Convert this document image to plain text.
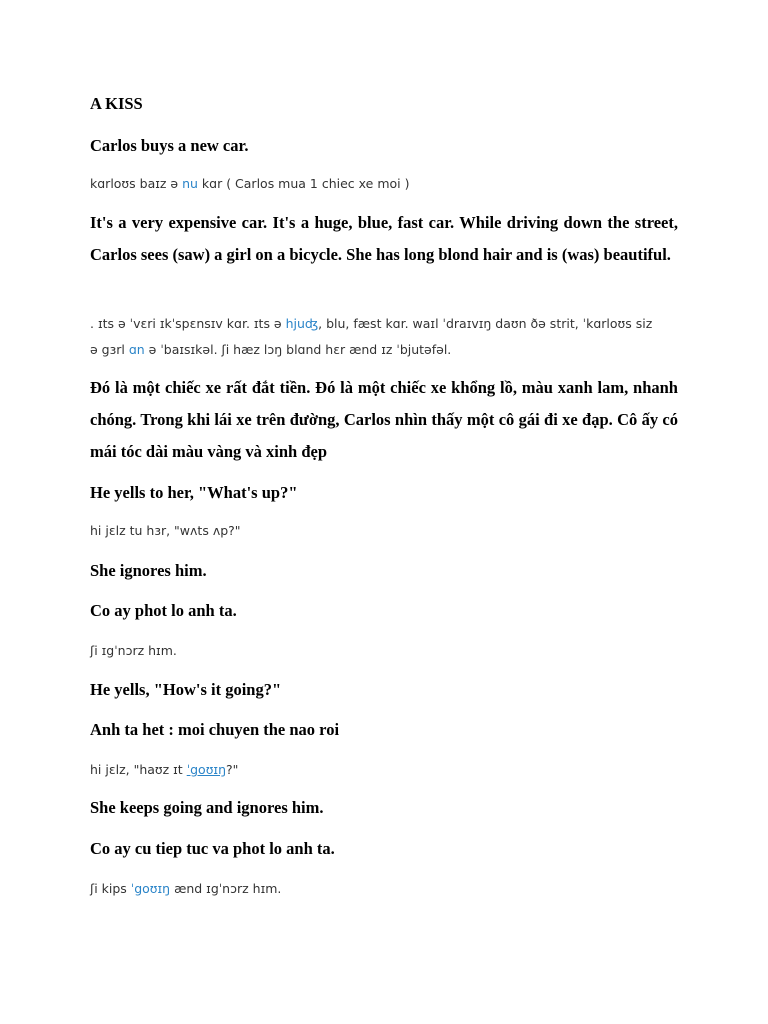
A KISS
Carlos buys a new car.
kɑrloʊs baɪz ə nu kɑr ( Carlos mua 1 chiec xe moi )
It's a very expensive car. It's a huge, blue, fast car. While driving down the street, Carlos sees (saw) a girl on a bicycle. She has long blond hair and is (was) beautiful.
. ɪts ə ˈvɛri ɪkˈspɛnsɪv kɑr. ɪts ə hjuʤ, blu, fæst kɑr. waɪl ˈdraɪvɪŋ daʊn ðə strit, ˈkɑrloʊs siz
ə gɜrl ɑn ə ˈbaɪsɪkəl. ʃi hæz lɔŋ blɑnd hɛr ænd ɪz ˈbjutəfəl.
Đó là một chiếc xe rất đắt tiền. Đó là một chiếc xe khổng lồ, màu xanh lam, nhanh chóng. Trong khi lái xe trên đường, Carlos nhìn thấy một cô gái đi xe đạp. Cô ấy có mái tóc dài màu vàng và xinh đẹp
He yells to her, "What's up?"
hi jɛlz tu hɜr, "wʌts ʌp?"
She ignores him.
Co ay phot lo anh ta.
ʃi ɪgˈnɔrz hɪm.
He yells, "How's it going?"
Anh ta het : moi chuyen the nao roi
hi jɛlz, "haʊz ɪt ˈgoʊɪŋ?"
She keeps going and ignores him.
Co ay cu tiep tuc va phot lo anh ta.
ʃi kips ˈgoʊɪŋ ænd ɪgˈnɔrz hɪm.
